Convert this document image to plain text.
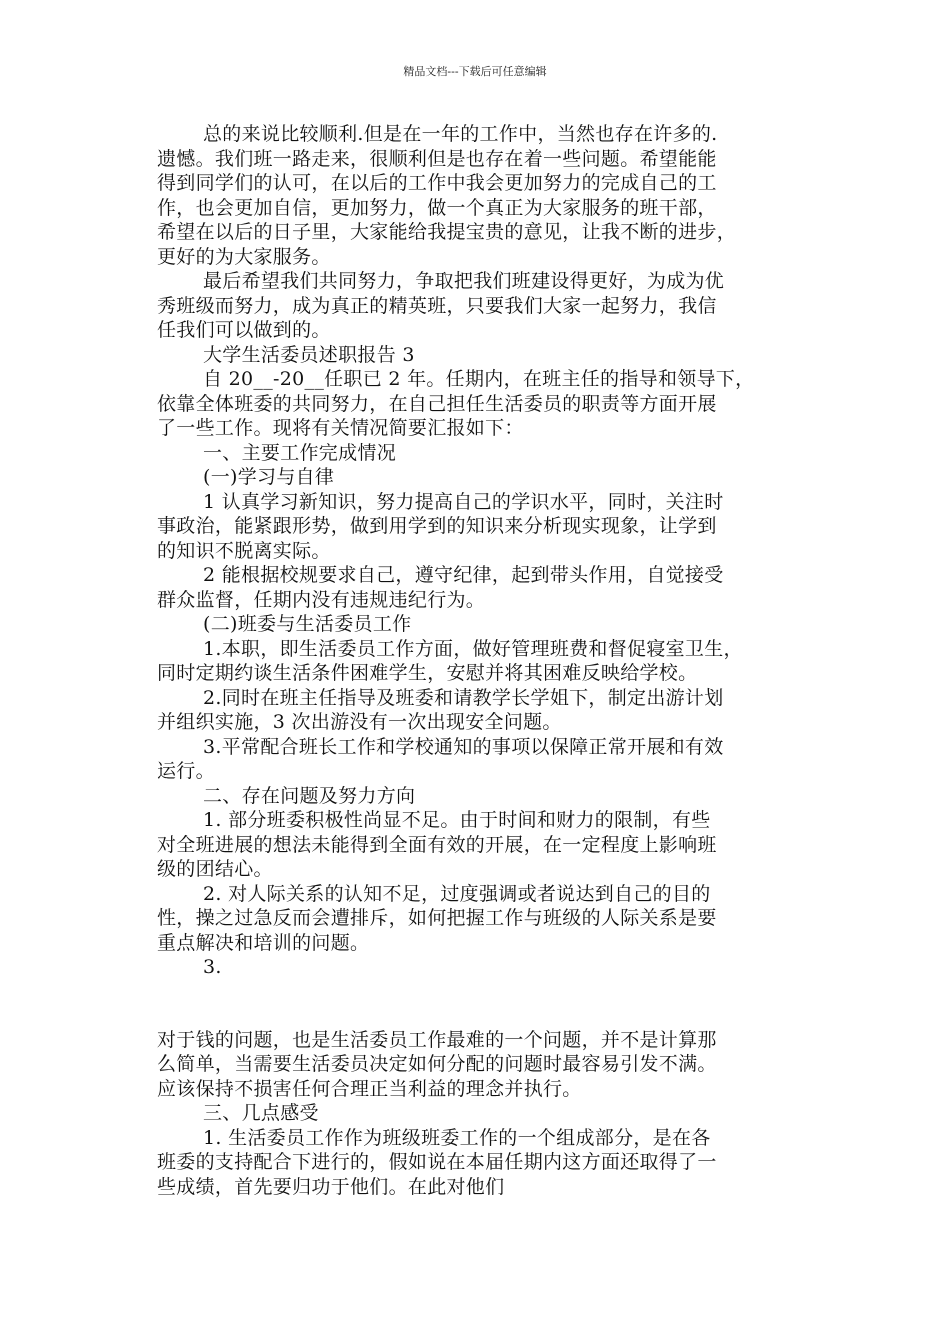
精品文档---下载后可任意编辑

总的来说比较顺利.但是在一年的工作中，当然也存在许多的.

遗憾。我们班一路走来，很顺利但是也存在着一些问题。希望能能

得到同学们的认可，在以后的工作中我会更加努力的完成自己的工

作，也会更加自信，更加努力，做一个真正为大家服务的班干部，

希望在以后的日子里，大家能给我提宝贵的意见，让我不断的进步，

更好的为大家服务。

最后希望我们共同努力，争取把我们班建设得更好，为成为优

秀班级而努力，成为真正的精英班，只要我们大家一起努力，我信

任我们可以做到的。

大学生活委员述职报告 3

自 20__-20__任职已 2 年。任期内，在班主任的指导和领导下，

依靠全体班委的共同努力，在自己担任生活委员的职责等方面开展

了一些工作。现将有关情况简要汇报如下：

一、主要工作完成情况

(一)学习与自律

1 认真学习新知识，努力提高自己的学识水平，同时，关注时

事政治，能紧跟形势，做到用学到的知识来分析现实现象，让学到

的知识不脱离实际。

2 能根据校规要求自己，遵守纪律，起到带头作用，自觉接受

群众监督，任期内没有违规违纪行为。

(二)班委与生活委员工作

1.本职，即生活委员工作方面，做好管理班费和督促寝室卫生，

同时定期约谈生活条件困难学生，安慰并将其困难反映给学校。

2.同时在班主任指导及班委和请教学长学姐下，制定出游计划

并组织实施，3 次出游没有一次出现安全问题。

3.平常配合班长工作和学校通知的事项以保障正常开展和有效

运行。

二、存在问题及努力方向

1. 部分班委积极性尚显不足。由于时间和财力的限制，有些

对全班进展的想法未能得到全面有效的开展，在一定程度上影响班

级的团结心。

2. 对人际关系的认知不足，过度强调或者说达到自己的目的

性，操之过急反而会遭排斥，如何把握工作与班级的人际关系是要

重点解决和培训的问题。

3.

对于钱的问题，也是生活委员工作最难的一个问题，并不是计算那

么简单，当需要生活委员决定如何分配的问题时最容易引发不满。

应该保持不损害任何合理正当利益的理念并执行。

三、几点感受

1. 生活委员工作作为班级班委工作的一个组成部分，是在各

班委的支持配合下进行的，假如说在本届任期内这方面还取得了一

些成绩，首先要归功于他们。在此对他们
